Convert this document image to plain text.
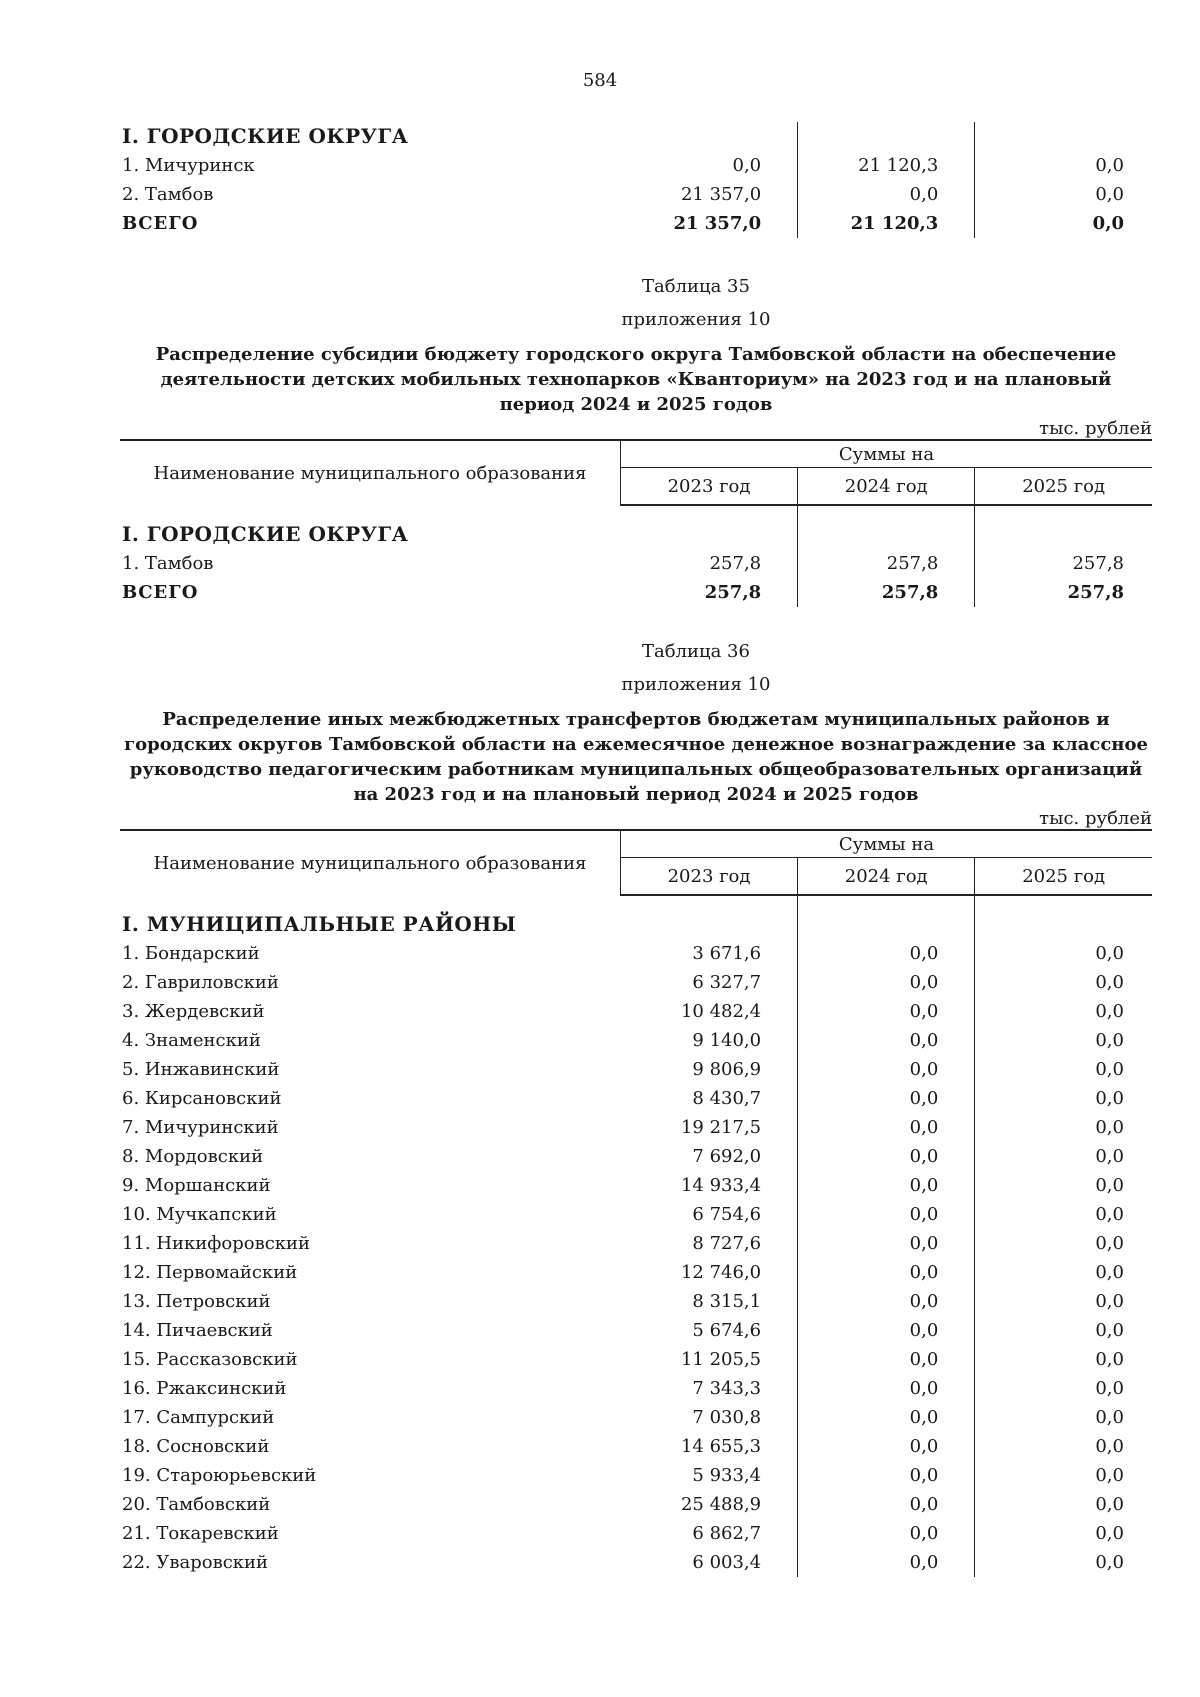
584
I. ГОРОДСКИЕ ОКРУГА			
1. Мичуринск	0,0	21 120,3	0,0
2. Тамбов	21 357,0	0,0	0,0
ВСЕГО	21 357,0	21 120,3	0,0
Таблица 35
приложения 10
Распределение субсидии бюджету городского округа Тамбовской области на обеспечение деятельности детских мобильных технопарков «Кванториум» на 2023 год и на плановый период 2024 и 2025 годов
тыс. рублей
Наименование муниципального образования	Суммы на		
	2023 год	2024 год	2025 год

I. ГОРОДСКИЕ ОКРУГА			
1. Тамбов	257,8	257,8	257,8
ВСЕГО	257,8	257,8	257,8
Таблица 36
приложения 10
Распределение иных межбюджетных трансфертов бюджетам муниципальных районов и городских округов Тамбовской области на ежемесячное денежное вознаграждение за классное руководство педагогическим работникам муниципальных общеобразовательных организаций на 2023 год и на плановый период 2024 и 2025 годов
тыс. рублей
Наименование муниципального образования	Суммы на		
	2023 год	2024 год	2025 год

I. МУНИЦИПАЛЬНЫЕ РАЙОНЫ			
1. Бондарский	3 671,6	0,0	0,0
2. Гавриловский	6 327,7	0,0	0,0
3. Жердевский	10 482,4	0,0	0,0
4. Знаменский	9 140,0	0,0	0,0
5. Инжавинский	9 806,9	0,0	0,0
6. Кирсановский	8 430,7	0,0	0,0
7. Мичуринский	19 217,5	0,0	0,0
8. Мордовский	7 692,0	0,0	0,0
9. Моршанский	14 933,4	0,0	0,0
10. Мучкапский	6 754,6	0,0	0,0
11. Никифоровский	8 727,6	0,0	0,0
12. Первомайский	12 746,0	0,0	0,0
13. Петровский	8 315,1	0,0	0,0
14. Пичаевский	5 674,6	0,0	0,0
15. Рассказовский	11 205,5	0,0	0,0
16. Ржаксинский	7 343,3	0,0	0,0
17. Сампурский	7 030,8	0,0	0,0
18. Сосновский	14 655,3	0,0	0,0
19. Староюрьевский	5 933,4	0,0	0,0
20. Тамбовский	25 488,9	0,0	0,0
21. Токаревский	6 862,7	0,0	0,0
22. Уваровский	6 003,4	0,0	0,0
